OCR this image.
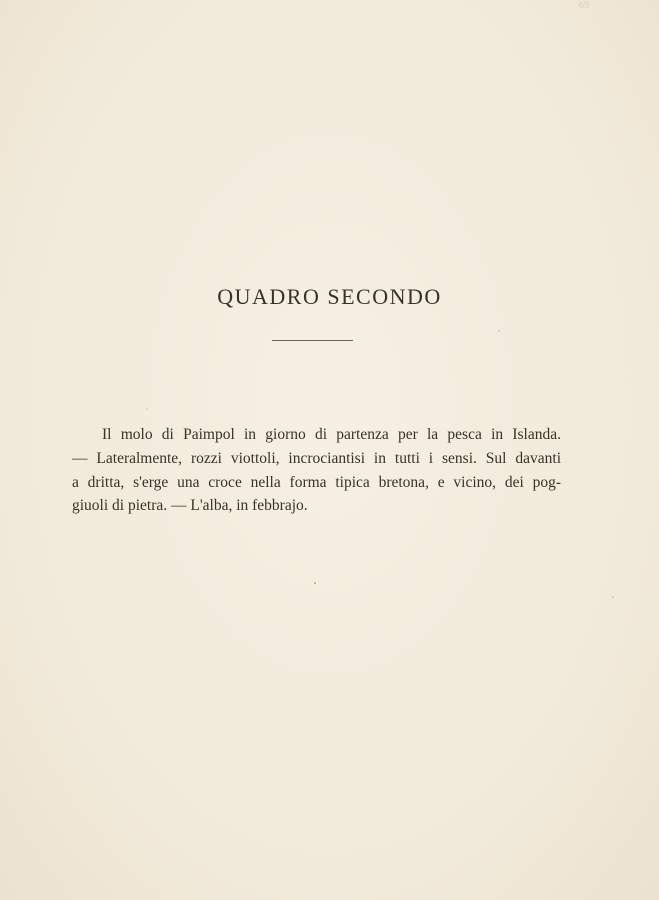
69
QUADRO SECONDO
Il molo di Paimpol in giorno di partenza per la pesca in Islanda.
— Lateralmente, rozzi viottoli, incrociantisi in tutti i sensi. Sul davanti
a dritta, s'erge una croce nella forma tipica bretona, e vicino, dei pog-
giuoli di pietra. — L'alba, in febbrajo.
